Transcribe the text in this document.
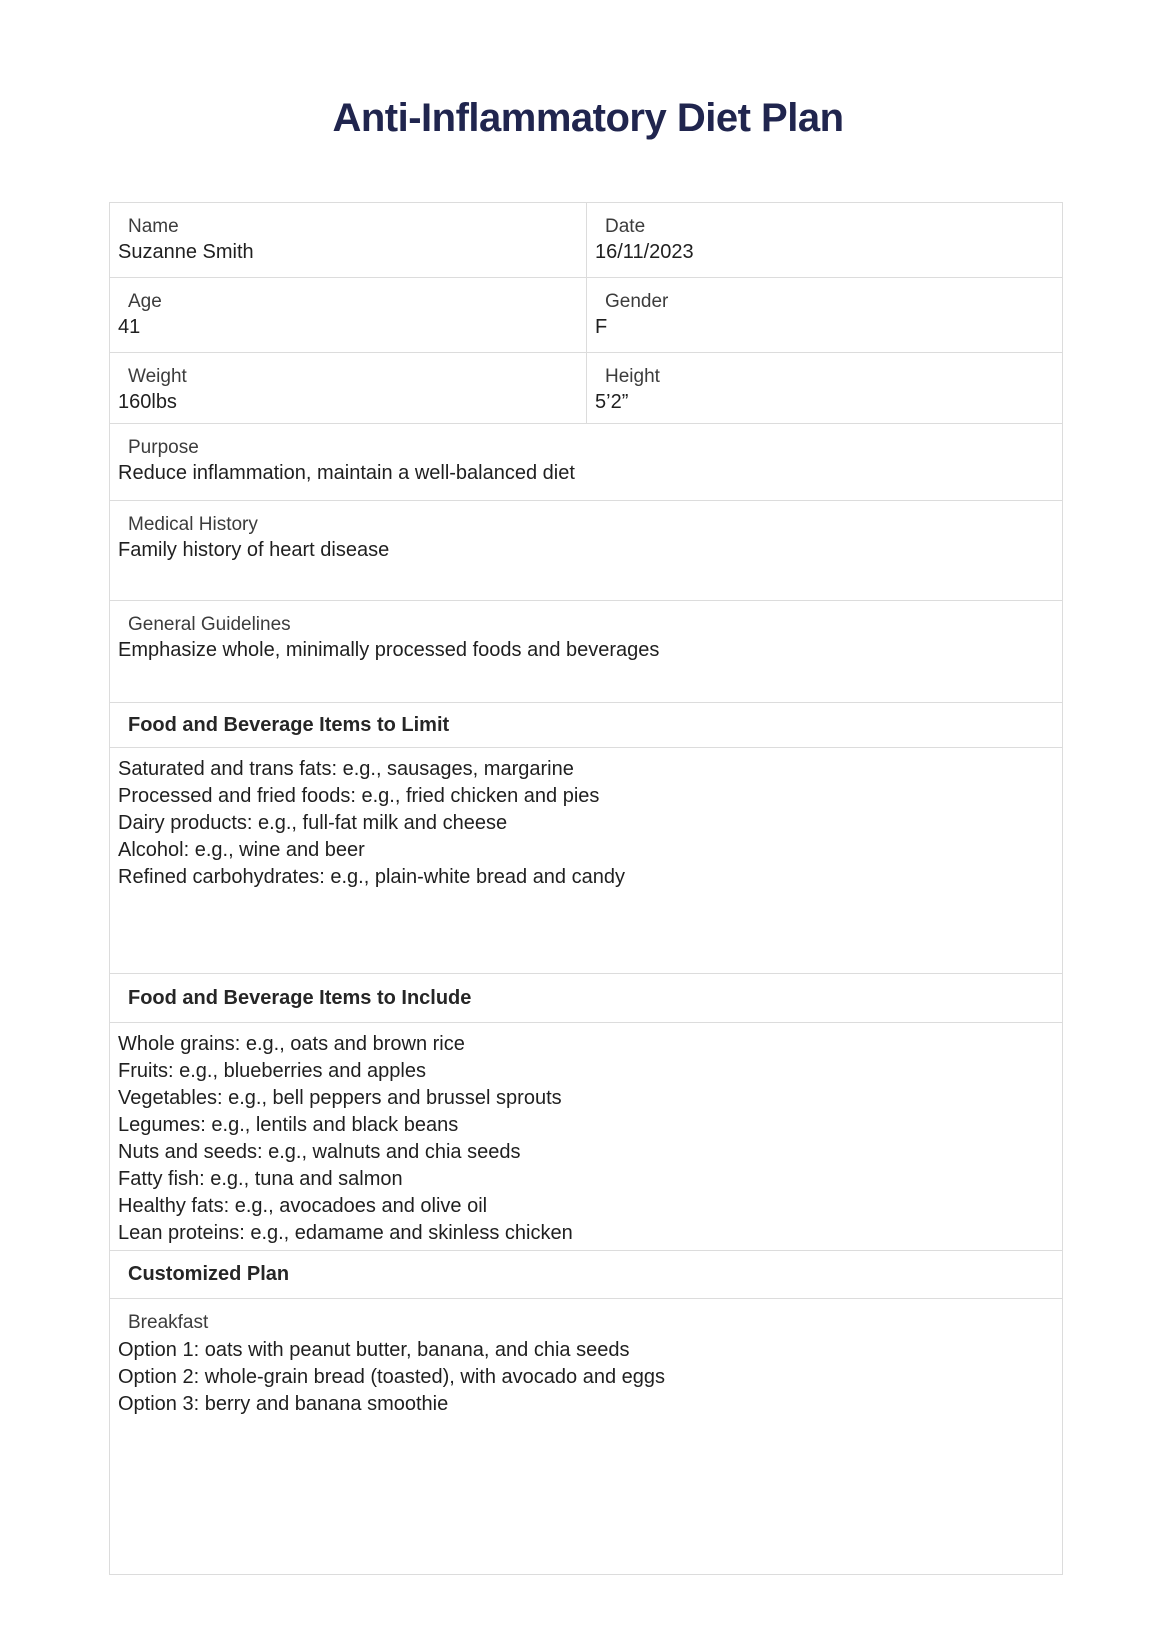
Anti-Inflammatory Diet Plan
Name
Suzanne Smith
Date
16/11/2023
Age
41
Gender
F
Weight
160lbs
Height
5’2”
Purpose
Reduce inflammation, maintain a well-balanced diet
Medical History
Family history of heart disease
General Guidelines
Emphasize whole, minimally processed foods and beverages
Food and Beverage Items to Limit
Saturated and trans fats: e.g., sausages, margarine
Processed and fried foods: e.g., fried chicken and pies
Dairy products: e.g., full-fat milk and cheese
Alcohol: e.g., wine and beer
Refined carbohydrates: e.g., plain-white bread and candy
Food and Beverage Items to Include
Whole grains: e.g., oats and brown rice
Fruits: e.g., blueberries and apples
Vegetables: e.g., bell peppers and brussel sprouts
Legumes: e.g., lentils and black beans
Nuts and seeds: e.g., walnuts and chia seeds
Fatty fish: e.g., tuna and salmon
Healthy fats: e.g., avocadoes and olive oil
Lean proteins: e.g., edamame and skinless chicken
Customized Plan
Breakfast
Option 1: oats with peanut butter, banana, and chia seeds
Option 2: whole-grain bread (toasted), with avocado and eggs
Option 3: berry and banana smoothie
